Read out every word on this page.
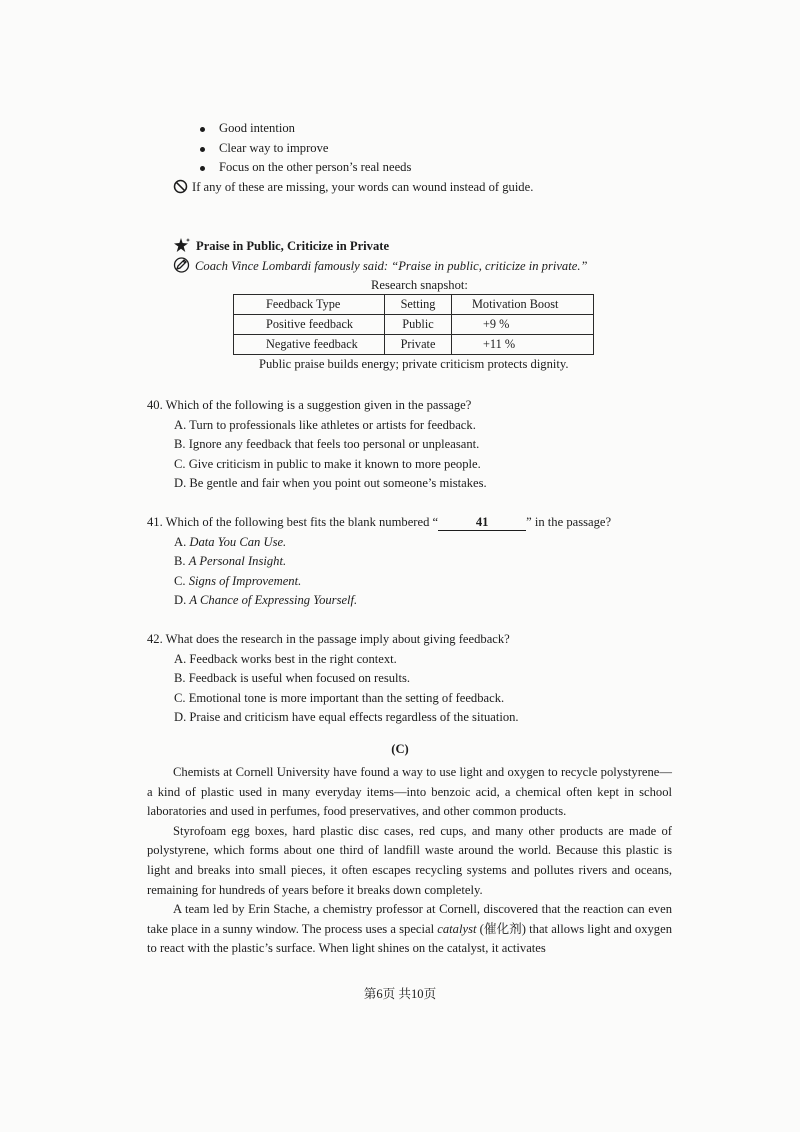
Good intention
Clear way to improve
Focus on the other person’s real needs
If any of these are missing, your words can wound instead of guide.
Praise in Public, Criticize in Private
Coach Vince Lombardi famously said: “Praise in public, criticize in private.”
Research snapshot:
Feedback Type	Setting	Motivation Boost
Positive feedback	Public	+9 %
Negative feedback	Private	+11 %
Public praise builds energy; private criticism protects dignity.
40. Which of the following is a suggestion given in the passage?
A. Turn to professionals like athletes or artists for feedback.
B. Ignore any feedback that feels too personal or unpleasant.
C. Give criticism in public to make it known to more people.
D. Be gentle and fair when you point out someone’s mistakes.
41. Which of the following best fits the blank numbered “	41	” in the passage?
A. Data You Can Use.
B. A Personal Insight.
C. Signs of Improvement.
D. A Chance of Expressing Yourself.
42. What does the research in the passage imply about giving feedback?
A. Feedback works best in the right context.
B. Feedback is useful when focused on results.
C. Emotional tone is more important than the setting of feedback.
D. Praise and criticism have equal effects regardless of the situation.
(C)

Chemists at Cornell University have found a way to use light and oxygen to recycle polystyrene—a kind of plastic used in many everyday items—into benzoic acid, a chemical often kept in school laboratories and used in perfumes, food preservatives, and other common products.

Styrofoam egg boxes, hard plastic disc cases, red cups, and many other products are made of polystyrene, which forms about one third of landfill waste around the world. Because this plastic is light and breaks into small pieces, it often escapes recycling systems and pollutes rivers and oceans, remaining for hundreds of years before it breaks down completely.

A team led by Erin Stache, a chemistry professor at Cornell, discovered that the reaction can even take place in a sunny window. The process uses a special catalyst (催化剂) that allows light and oxygen to react with the plastic’s surface. When light shines on the catalyst, it activates

第6页 共10页
